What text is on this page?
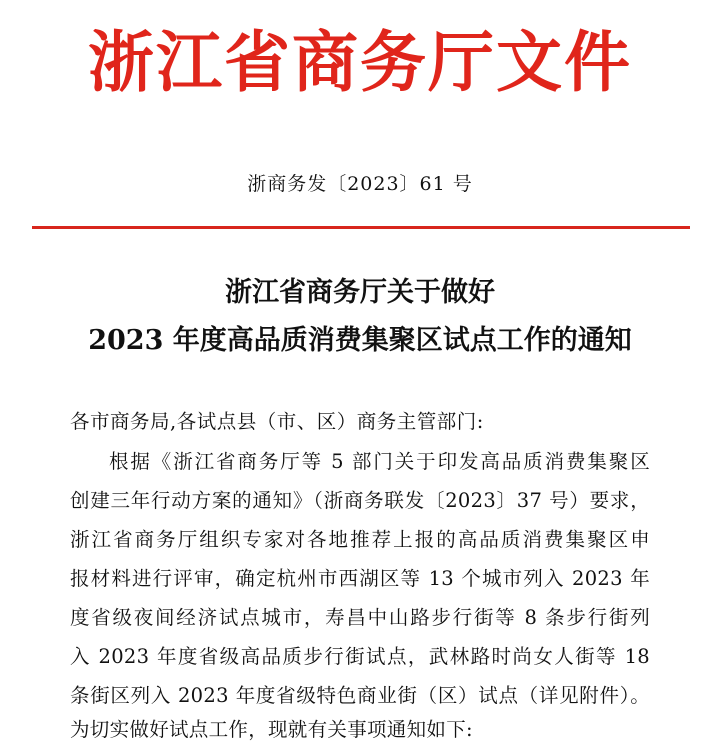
浙江省商务厅文件
浙商务发〔2023〕61 号
浙江省商务厅关于做好
2023 年度高品质消费集聚区试点工作的通知
各市商务局,各试点县（市、区）商务主管部门:
根据《浙江省商务厅等 5 部门关于印发高品质消费集聚区
创建三年行动方案的通知》（浙商务联发〔2023〕37 号）要求，
浙江省商务厅组织专家对各地推荐上报的高品质消费集聚区申
报材料进行评审，确定杭州市西湖区等 13 个城市列入 2023 年
度省级夜间经济试点城市，寿昌中山路步行街等 8 条步行街列
入 2023 年度省级高品质步行街试点，武林路时尚女人街等 18
条街区列入 2023 年度省级特色商业街（区）试点（详见附件）。
为切实做好试点工作，现就有关事项通知如下:
